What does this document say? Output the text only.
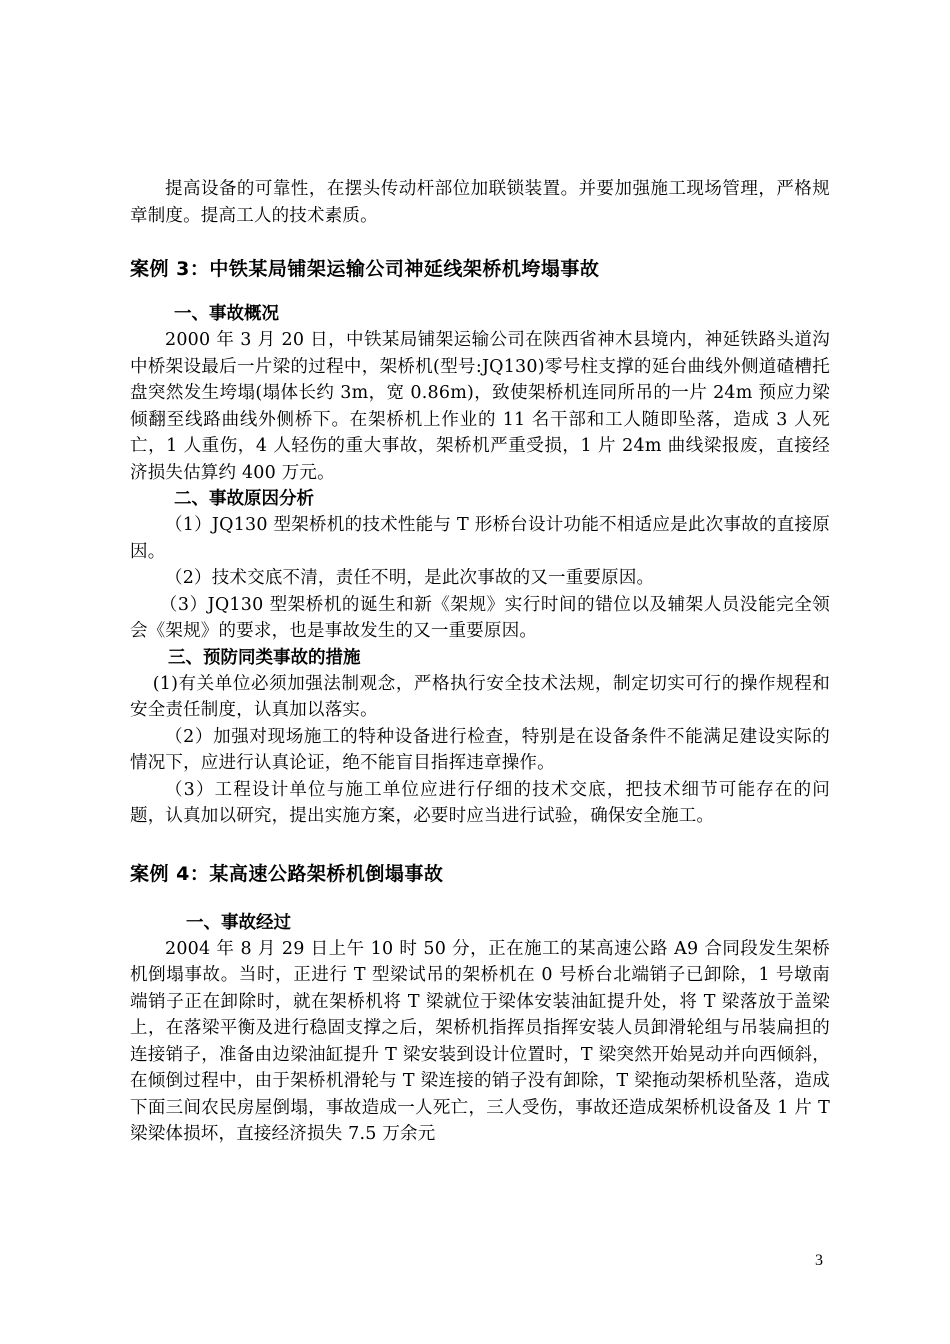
提高设备的可靠性，在摆头传动杆部位加联锁装置。并要加强施工现场管理，严格规章制度。提高工人的技术素质。

案例 3：中铁某局铺架运输公司神延线架桥机垮塌事故
一、事故概况

2000 年 3 月 20 日，中铁某局铺架运输公司在陕西省神木县境内，神延铁路头道沟中桥架设最后一片梁的过程中，架桥机(型号:JQ130)零号柱支撑的延台曲线外侧道碴槽托盘突然发生垮塌(塌体长约 3m，宽 0.86m)，致使架桥机连同所吊的一片 24m 预应力梁倾翻至线路曲线外侧桥下。在架桥机上作业的 11 名干部和工人随即坠落，造成 3 人死亡，1 人重伤，4 人轻伤的重大事故，架桥机严重受损，1 片 24m 曲线梁报废，直接经济损失估算约 400 万元。

二、事故原因分析

（1）JQ130 型架桥机的技术性能与 T 形桥台设计功能不相适应是此次事故的直接原因。

（2）技术交底不清，责任不明，是此次事故的又一重要原因。

（3）JQ130 型架桥机的诞生和新《架规》实行时间的错位以及辅架人员没能完全领会《架规》的要求，也是事故发生的又一重要原因。

三、预防同类事故的措施

(1)有关单位必须加强法制观念，严格执行安全技术法规，制定切实可行的操作规程和安全责任制度，认真加以落实。

（2）加强对现场施工的特种设备进行检查，特别是在设备条件不能满足建设实际的情况下，应进行认真论证，绝不能盲目指挥违章操作。

（3）工程设计单位与施工单位应进行仔细的技术交底，把技术细节可能存在的问题，认真加以研究，提出实施方案，必要时应当进行试验，确保安全施工。

案例 4：某高速公路架桥机倒塌事故
一、事故经过

2004 年 8 月 29 日上午 10 时 50 分，正在施工的某高速公路 A9 合同段发生架桥机倒塌事故。当时，正进行 T 型梁试吊的架桥机在 0 号桥台北端销子已卸除，1 号墩南端销子正在卸除时，就在架桥机将 T 梁就位于梁体安装油缸提升处，将 T 梁落放于盖梁上，在落梁平衡及进行稳固支撑之后，架桥机指挥员指挥安装人员卸滑轮组与吊装扁担的连接销子，准备由边梁油缸提升 T 梁安装到设计位置时，T 梁突然开始晃动并向西倾斜，在倾倒过程中，由于架桥机滑轮与 T 梁连接的销子没有卸除，T 梁拖动架桥机坠落，造成下面三间农民房屋倒塌，事故造成一人死亡，三人受伤，事故还造成架桥机设备及 1 片 T 梁梁体损坏，直接经济损失 7.5 万余元

3
